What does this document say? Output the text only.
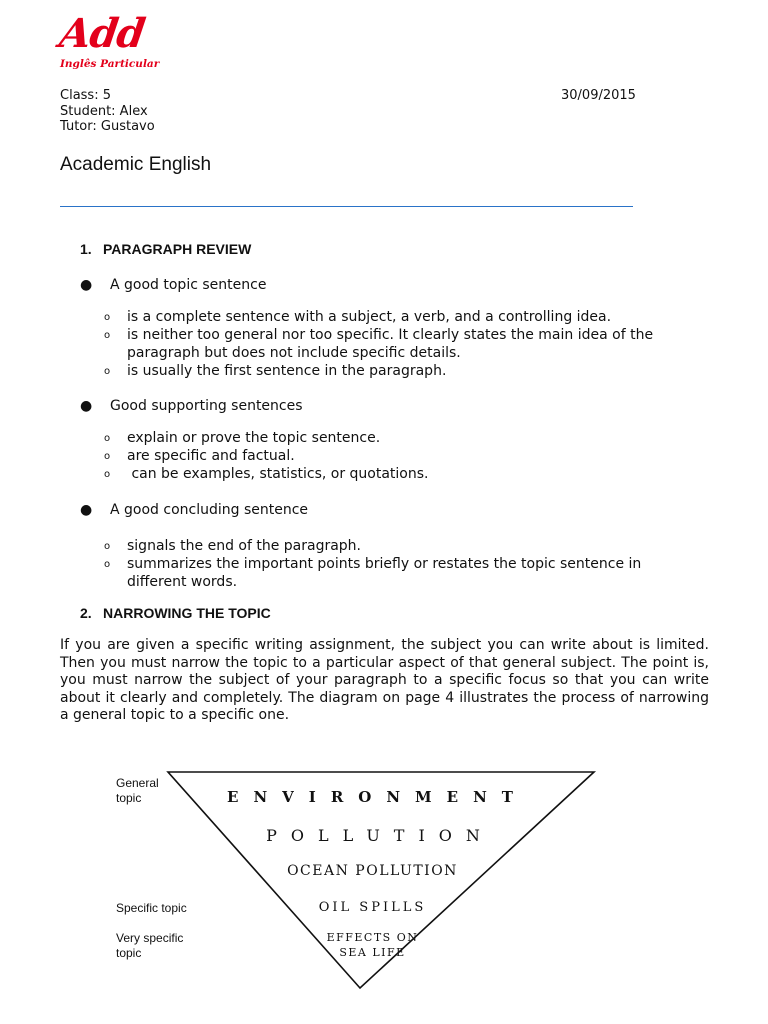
Add
Inglês Particular
Class: 5
Student: Alex
Tutor: Gustavo
30/09/2015
Academic English
1. PARAGRAPH REVIEW
● A good topic sentence
o is a complete sentence with a subject, a verb, and a controlling idea.
o is neither too general nor too specific. It clearly states the main idea of the paragraph but does not include specific details.
o is usually the first sentence in the paragraph.
● Good supporting sentences
o explain or prove the topic sentence.
o are specific and factual.
o can be examples, statistics, or quotations.
● A good concluding sentence
o signals the end of the paragraph.
o summarizes the important points briefly or restates the topic sentence in different words.
2. NARROWING THE TOPIC

If you are given a specific writing assignment, the subject you can write about is limited. Then you must narrow the topic to a particular aspect of that general subject. The point is, you must narrow the subject of your paragraph to a specific focus so that you can write about it clearly and completely. The diagram on page 4 illustrates the process of narrowing a general topic to a specific one.

General topic
Specific topic
Very specific topic
ENVIRONMENT
POLLUTION
OCEAN POLLUTION
OIL SPILLS
EFFECTS ON
SEA LIFE
